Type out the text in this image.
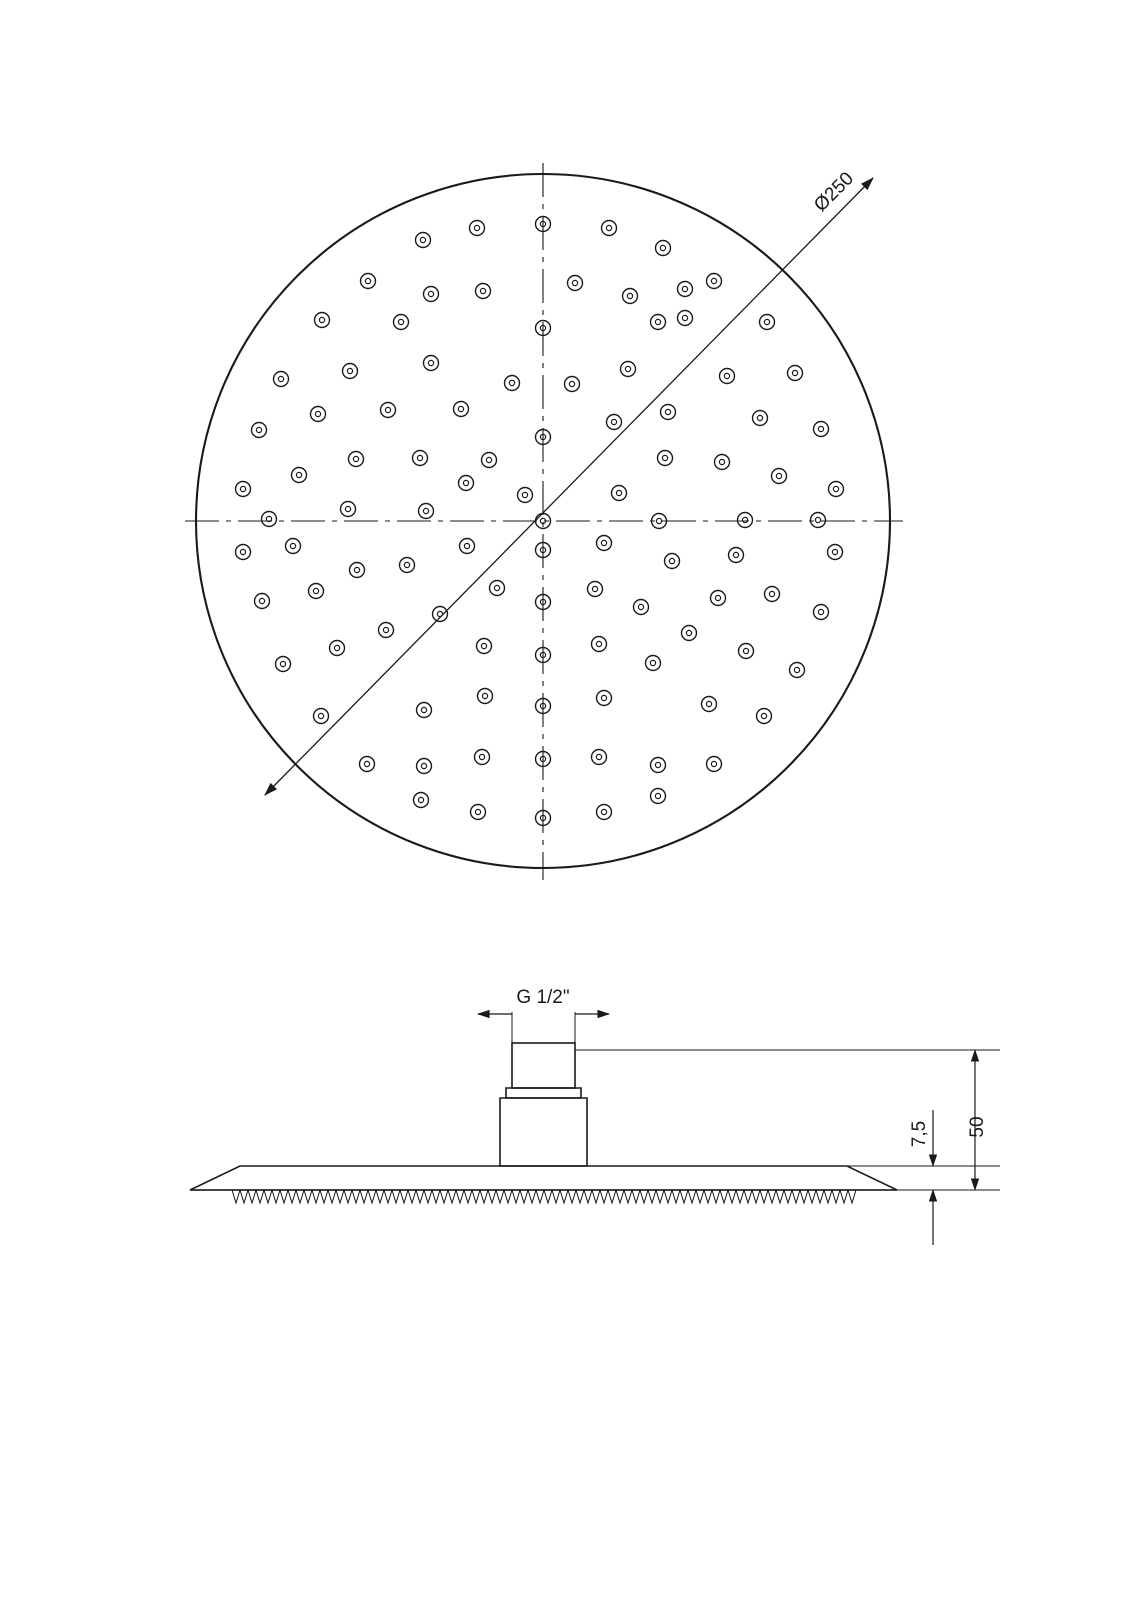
Ø250
G 1/2"
50
7,5
